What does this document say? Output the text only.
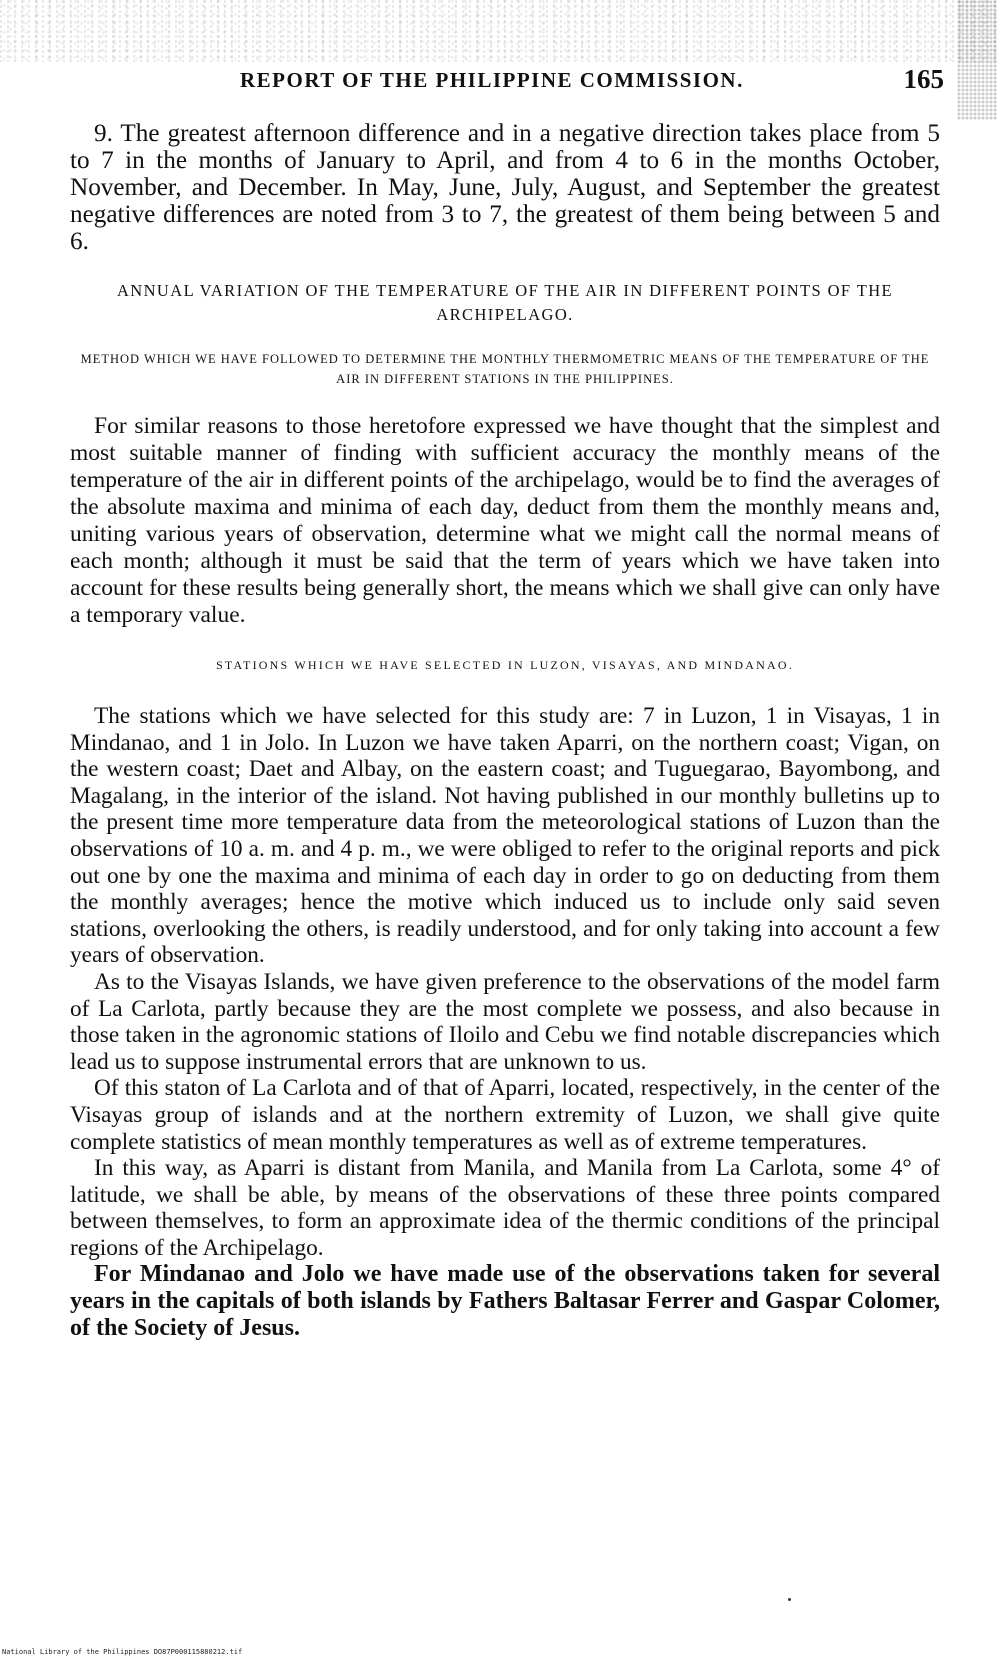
REPORT OF THE PHILIPPINE COMMISSION.	165

9. The greatest afternoon difference and in a negative direction takes place from 5 to 7 in the months of January to April, and from 4 to 6 in the months October, November, and December. In May, June, July, August, and September the greatest negative differences are noted from 3 to 7, the greatest of them being between 5 and 6.

ANNUAL VARIATION OF THE TEMPERATURE OF THE AIR IN DIFFERENT POINTS OF THE ARCHIPELAGO.
METHOD WHICH WE HAVE FOLLOWED TO DETERMINE THE MONTHLY THERMOMETRIC MEANS OF THE TEMPERATURE OF THE AIR IN DIFFERENT STATIONS IN THE PHILIPPINES.

For similar reasons to those heretofore expressed we have thought that the simplest and most suitable manner of finding with sufficient accuracy the monthly means of the temperature of the air in different points of the archipelago, would be to find the averages of the absolute maxima and minima of each day, deduct from them the monthly means and, uniting various years of observation, determine what we might call the normal means of each month; although it must be said that the term of years which we have taken into account for these results being generally short, the means which we shall give can only have a temporary value.

STATIONS WHICH WE HAVE SELECTED IN LUZON, VISAYAS, AND MINDANAO.

The stations which we have selected for this study are: 7 in Luzon, 1 in Visayas, 1 in Mindanao, and 1 in Jolo. In Luzon we have taken Aparri, on the northern coast; Vigan, on the western coast; Daet and Albay, on the eastern coast; and Tuguegarao, Bayombong, and Magalang, in the interior of the island. Not having published in our monthly bulletins up to the present time more temperature data from the meteorological stations of Luzon than the observations of 10 a. m. and 4 p. m., we were obliged to refer to the original reports and pick out one by one the maxima and minima of each day in order to go on deducting from them the monthly averages; hence the motive which induced us to include only said seven stations, overlooking the others, is readily understood, and for only taking into account a few years of observation.

As to the Visayas Islands, we have given preference to the observations of the model farm of La Carlota, partly because they are the most complete we possess, and also because in those taken in the agronomic stations of Iloilo and Cebu we find notable discrepancies which lead us to suppose instrumental errors that are unknown to us.

Of this staton of La Carlota and of that of Aparri, located, respectively, in the center of the Visayas group of islands and at the northern extremity of Luzon, we shall give quite complete statistics of mean monthly temperatures as well as of extreme temperatures.

In this way, as Aparri is distant from Manila, and Manila from La Carlota, some 4° of latitude, we shall be able, by means of the observations of these three points compared between themselves, to form an approximate idea of the thermic conditions of the principal regions of the Archipelago.

For Mindanao and Jolo we have made use of the observations taken for several years in the capitals of both islands by Fathers Baltasar Ferrer and Gaspar Colomer, of the Society of Jesus.

National Library of the Philippines DO87P000115880212.tif
